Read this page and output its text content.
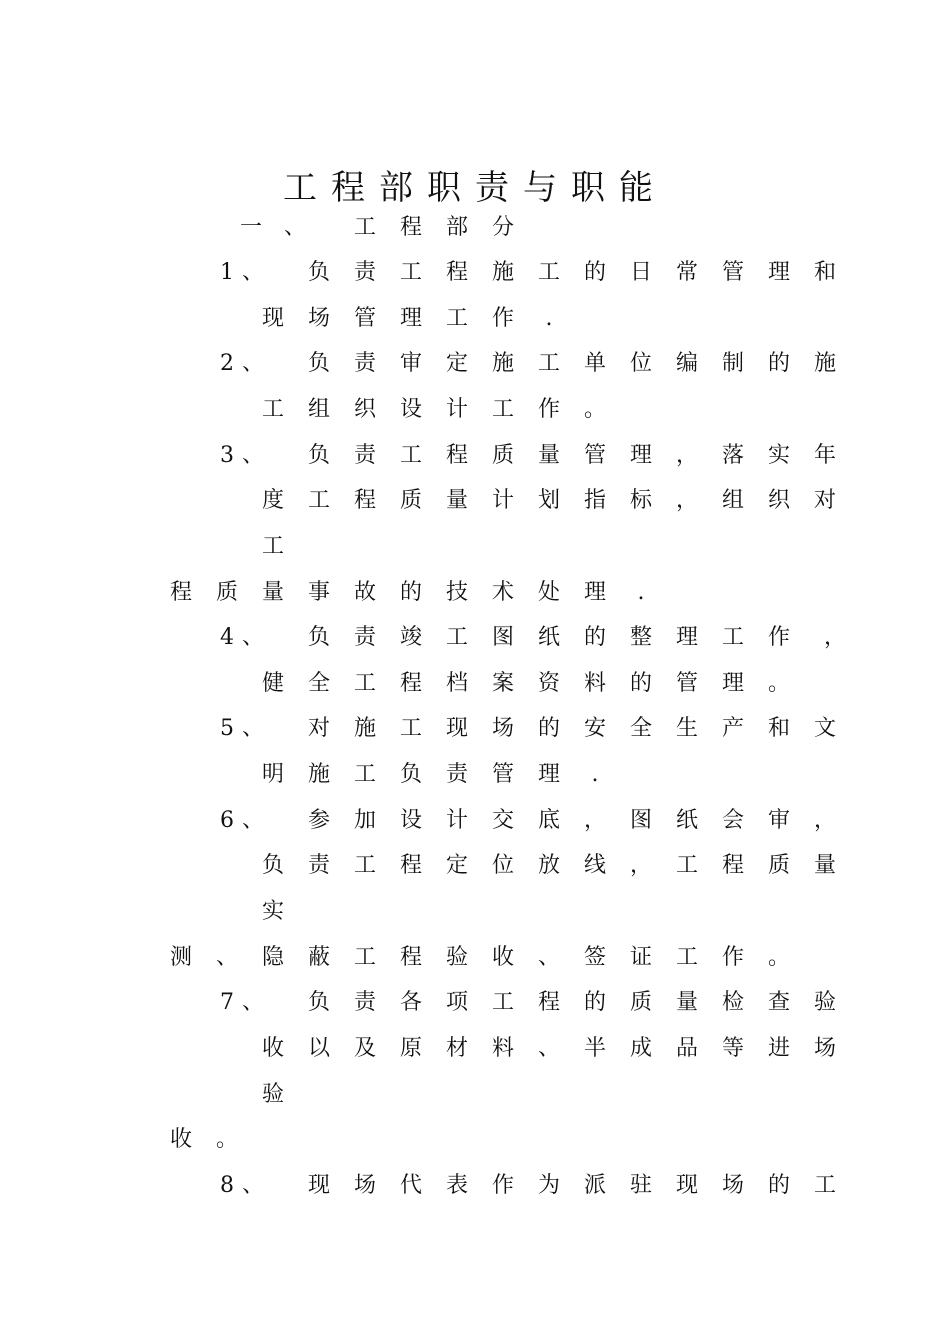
工程部职责与职能
一 、 工 程 部 分
1 、 负 责 工 程 施 工 的 日 常 管 理 和
现 场 管 理 工 作	.
2 、 负 责 审 定 施 工 单 位 编 制 的 施
工 组 织 设 计 工 作 。
3 、 负 责 工 程 质 量 管 理 ， 落 实 年
度 工 程 质 量 计 划 指 标 ， 组 织 对
工
程 质 量 事 故 的 技 术 处 理	.
4 、 负 责 竣 工 图 纸 的 整 理 工 作 ，
健 全 工 程 档 案 资 料 的 管 理 。
5 、 对 施 工 现 场 的 安 全 生 产 和 文
明 施 工 负 责 管 理	.
6 、 参 加 设 计 交 底 ， 图 纸 会 审 ，
负 责 工 程 定 位 放 线 ， 工 程 质 量
实
测 、 隐 蔽 工 程 验 收 、 签 证 工 作 。
7 、 负 责 各 项 工 程 的 质 量 检 查 验
收 以 及 原 材 料 、 半 成 品 等 进 场
验
收 。
8 、 现 场 代 表 作 为 派 驻 现 场 的 工
